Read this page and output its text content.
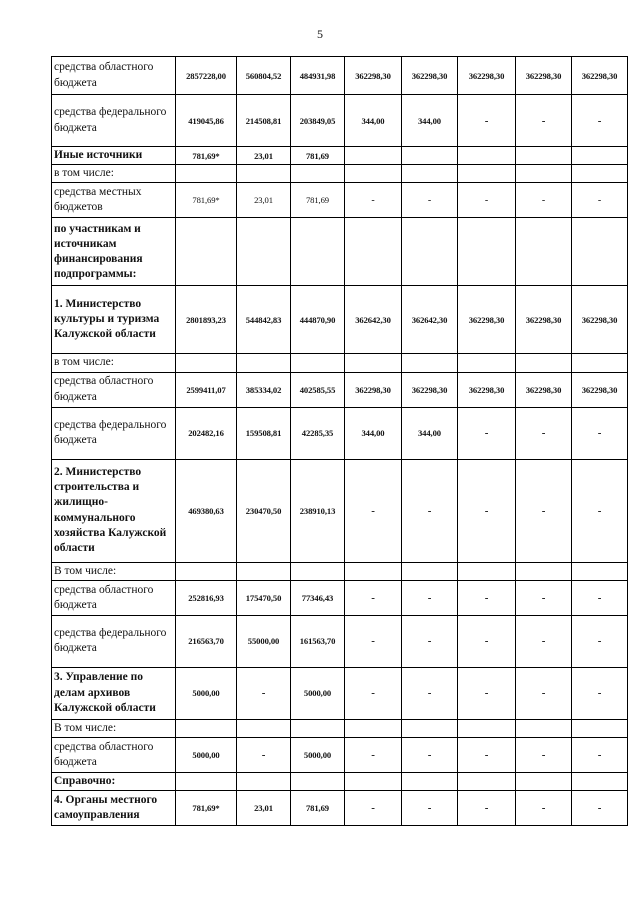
5
средства областного бюджета	2857228,00	560804,52	484931,98	362298,30	362298,30	362298,30	362298,30	362298,30
средства федерального бюджета	419045,86	214508,81	203849,05	344,00	344,00	-	-	-
Иные источники	781,69*	23,01	781,69					
в том числе:								
средства местных бюджетов	781,69*	23,01	781,69	-	-	-	-	-
по участникам и источникам финансирования подпрограммы:								
1. Министерство культуры и туризма Калужской области	2801893,23	544842,83	444870,90	362642,30	362642,30	362298,30	362298,30	362298,30
в том числе:								
средства областного бюджета	2599411,07	385334,02	402585,55	362298,30	362298,30	362298,30	362298,30	362298,30
средства федерального бюджета	202482,16	159508,81	42285,35	344,00	344,00	-	-	-
2. Министерство строительства и жилищно-коммунального хозяйства Калужской области	469380,63	230470,50	238910,13	-	-	-	-	-
В том числе:								
средства областного бюджета	252816,93	175470,50	77346,43	-	-	-	-	-
средства федерального бюджета	216563,70	55000,00	161563,70	-	-	-	-	-
3. Управление по делам архивов Калужской области	5000,00	-	5000,00	-	-	-	-	-
В том числе:								
средства областного бюджета	5000,00	-	5000,00	-	-	-	-	-
Справочно:								
4. Органы местного самоуправления	781,69*	23,01	781,69	-	-	-	-	-
